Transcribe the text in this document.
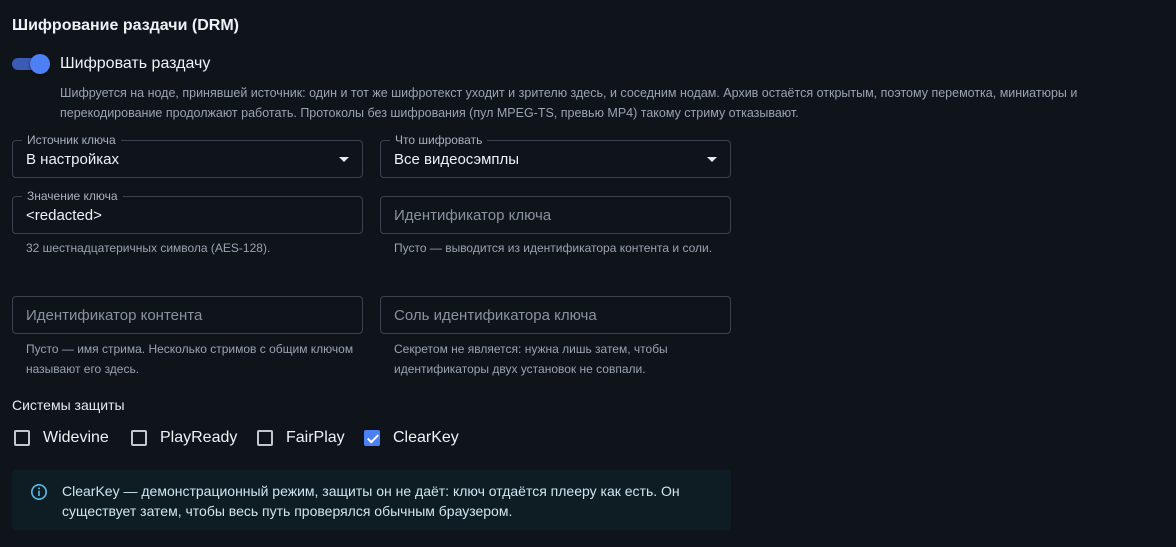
Шифрование раздачи (DRM)
Шифровать раздачу
Шифруется на ноде, принявшей источник: один и тот же шифротекст уходит и зрителю здесь, и соседним нодам. Архив остаётся открытым, поэтому перемотка, миниатюры и перекодирование продолжают работать. Протоколы без шифрования (пул MPEG-TS, превью MP4) такому стриму отказывают.
Источник ключа
В настройках
Что шифровать
Все видеосэмплы
Значение ключа
<redacted>
32 шестнадцатеричных символа (AES-128).
Идентификатор ключа
Пусто — выводится из идентификатора контента и соли.
Идентификатор контента
Пусто — имя стрима. Несколько стримов с общим ключом называют его здесь.
Соль идентификатора ключа
Секретом не является: нужна лишь затем, чтобы идентификаторы двух установок не совпали.
Системы защиты
Widevine	PlayReady	FairPlay	ClearKey
ClearKey — демонстрационный режим, защиты он не даёт: ключ отдаётся плееру как есть. Он существует затем, чтобы весь путь проверялся обычным браузером.
